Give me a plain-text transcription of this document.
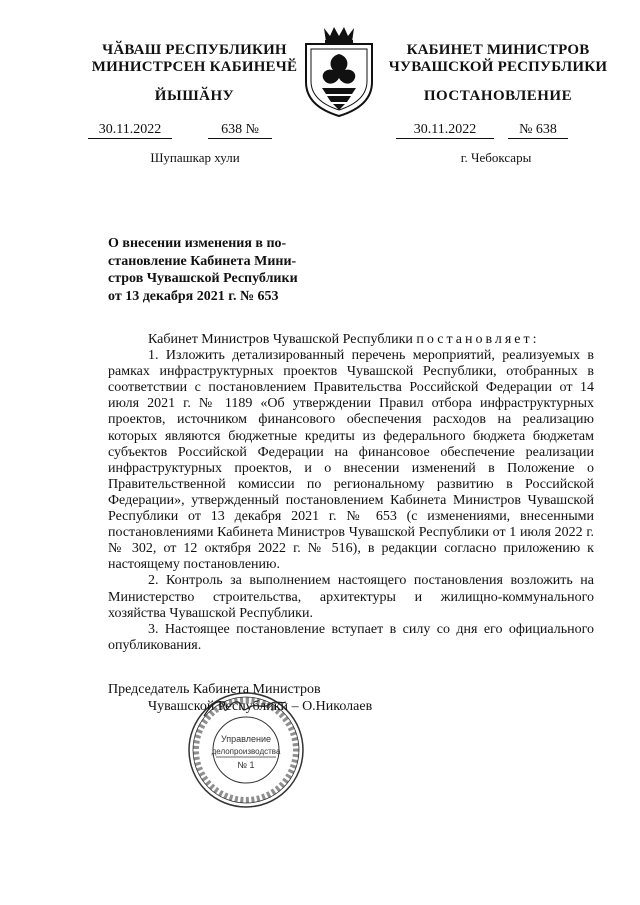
ЧӐВАШ РЕСПУБЛИКИН
МИНИСТРСЕН КАБИНЕЧӖ
ЙЫШӐНУ
30.11.2022	638 №
Шупашкар хули
КАБИНЕТ МИНИСТРОВ
ЧУВАШСКОЙ РЕСПУБЛИКИ
ПОСТАНОВЛЕНИЕ
30.11.2022	№ 638
г. Чебоксары
О внесении изменения в по-
становление Кабинета Мини-
стров Чувашской Республики
от 13 декабря 2021 г. № 653

Кабинет Министров Чувашской Республики постановляет:

1. Изложить детализированный перечень мероприятий, реализуемых в рамках инфраструктурных проектов Чувашской Республики, отобранных в соответствии с постановлением Правительства Российской Федерации от 14 июля 2021 г. № 1189 «Об утверждении Правил отбора инфраструктурных проектов, источником финансового обеспечения расходов на реализацию которых являются бюджетные кредиты из федерального бюджета бюджетам субъектов Российской Федерации на финансовое обеспечение реализации инфраструктурных проектов, и о внесении изменений в Положение о Правительственной комиссии по региональному развитию в Российской Федерации», утвержденный постановлением Кабинета Министров Чувашской Республики от 13 декабря 2021 г. № 653 (с изменениями, внесенными постановлениями Кабинета Министров Чувашской Республики от 1 июля 2022 г. № 302, от 12 октября 2022 г. № 516), в редакции согласно приложению к настоящему постановлению.

2. Контроль за выполнением настоящего постановления возложить на Министерство строительства, архитектуры и жилищно-коммунального хозяйства Чувашской Республики.

3. Настоящее постановление вступает в силу со дня его официального опубликования.

Управление
делопроизводства
№ 1
Председатель Кабинета Министров
Чувашской Республики – О.Николаев
